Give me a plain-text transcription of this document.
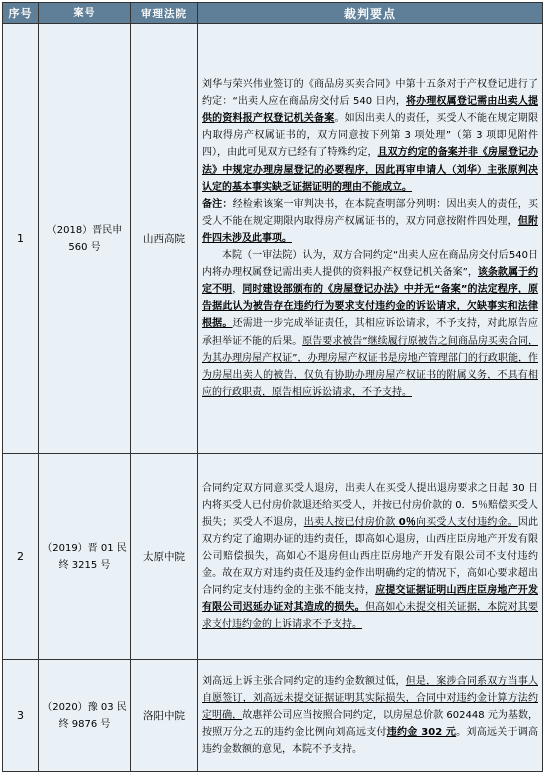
序号	案号	审理法院	裁判要点
1	（2018）晋民申 560 号	山西高院	刘华与荣兴伟业签订的《商品房买卖合同》中第十五条对于产权登记进行了约定：“出卖人应在商品房交付后 540 日内，将办理权属登记需由出卖人提供的资料报产权登记机关备案。如因出卖人的责任，买受人不能在规定期限内取得房产权属证书的，双方同意按下列第 3 项处理”（第 3 项即见附件四），由此可见双方已经有了特殊约定，且双方约定的备案并非《房屋登记办法》中规定办理房屋登记的必要程序，因此再审申请人（刘华）主张原判决认定的基本事实缺乏证据证明的理由不能成立。

备注：经检索该案一审判决书，在本院查明部分列明：因出卖人的责任，买受人不能在规定期限内取得房产权属证书的，双方同意按附件四处理，但附件四未涉及此事项。

本院（一审法院）认为，双方合同约定“出卖人应在商品房交付后540日内将办理权属登记需出卖人提供的资料报产权登记机关备案”，该条款属于约定不明，同时建设部颁布的《房屋登记办法》中并无“备案”的法定程序，原告据此认为被告存在违约行为要求支付违约金的诉讼请求，欠缺事实和法律根据。还需进一步完成举证责任，其相应诉讼请求，不予支持，对此原告应承担举证不能的后果。原告要求被告“继续履行原被告之间商品房买卖合同，为其办理房屋产权证”，办理房屋产权证书是房地产管理部门的行政职能，作为房屋出卖人的被告，仅负有协助办理房屋产权证书的附属义务，不具有相应的行政职责，原告相应诉讼请求，不予支持。

2	（2019）晋 01 民终 3215 号	太原中院	合同约定双方同意买受人退房，出卖人在买受人提出退房要求之日起 30 日内将买受人已付房价款退还给买受人，并按已付房价款的 0．5％赔偿买受人损失；买受人不退房，出卖人按已付房价款 0％向买受人支付违约金。因此双方约定了逾期办证的违约责任，即高如心退房，山西庄臣房地产开发有限公司赔偿损失，高如心不退房但山西庄臣房地产开发有限公司不支付违约金。故在双方对违约责任及违约金作出明确约定的情况下，高如心要求超出合同约定支付违约金的主张不能支持，应提交证据证明山西庄臣房地产开发有限公司迟延办证对其造成的损失。但高如心未提交相关证据，本院对其要求支付违约金的上诉请求不予支持。

3	（2020）豫 03 民终 9876 号	洛阳中院	刘高远上诉主张合同约定的违约金数额过低，但是，案涉合同系双方当事人自愿签订，刘高远未提交证据证明其实际损失，合同中对违约金计算方法约定明确，故惠祥公司应当按照合同约定，以房屋总价款 602448 元为基数，按照万分之五的违约金比例向刘高远支付违约金 302 元。刘高远关于调高违约金数额的意见，本院不予支持。
